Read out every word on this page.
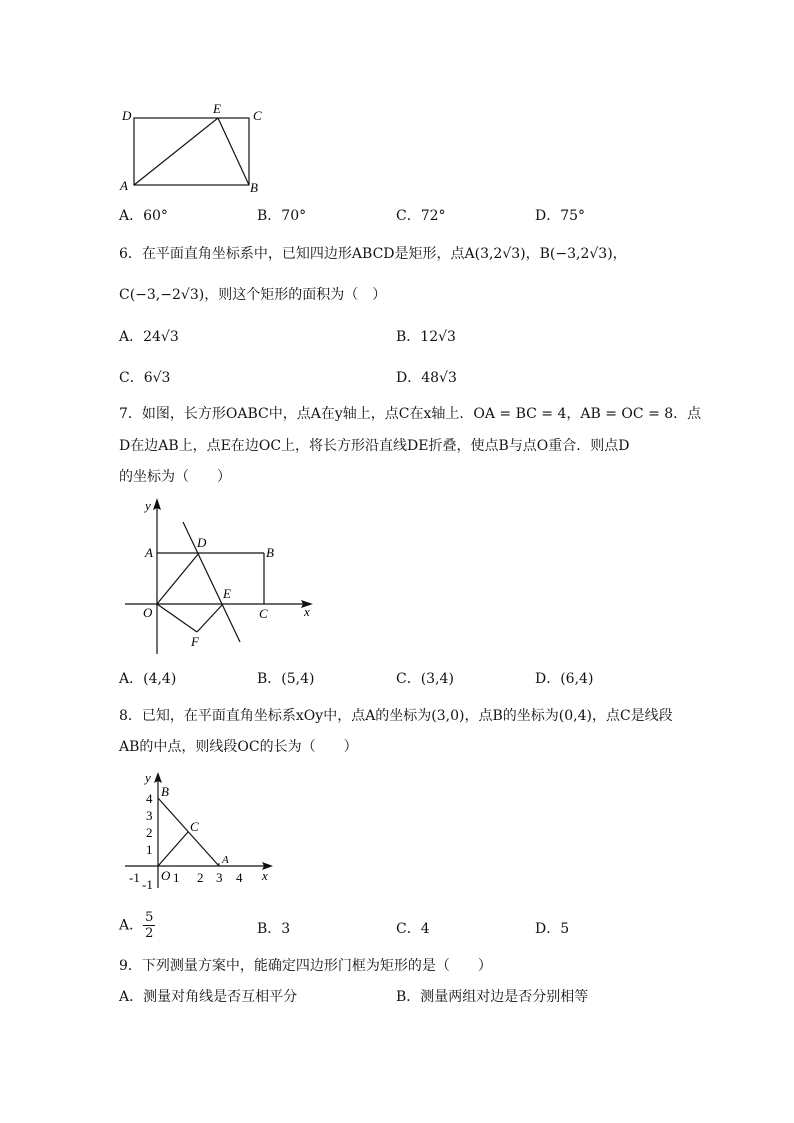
D	E C
A	B
A．60°	B．70°	C．72°	D．75°
6．在平面直角坐标系中，已知四边形ABCD是矩形，点A(3,2√3)，B(−3,2√3)，
C(−3,−2√3)，则这个矩形的面积为（　）
A．24√3	B．12√3
C．6√3	D．48√3
7．如图，长方形OABC中，点A在y轴上，点C在x轴上．OA = BC = 4，AB = OC = 8．点
D在边AB上，点E在边OC上，将长方形沿直线DE折叠，使点B与点O重合．则点D
的坐标为（　　）
y
A
D
B
O
E
C	x
F
A．(4,4)	B．(5,4)	C．(3,4)	D．(6,4)
8．已知，在平面直角坐标系xOy中，点A的坐标为(3,0)，点B的坐标为(0,4)，点C是线段
AB的中点，则线段OC的长为（　　）
-1	1 2 3 4
4
3
2
1
-1
y
B
C
A
O	x
A． $\frac{5}{2}$	B．3	C．4	D．5
9．下列测量方案中，能确定四边形门框为矩形的是（　　）
A．测量对角线是否互相平分	B．测量两组对边是否分别相等
